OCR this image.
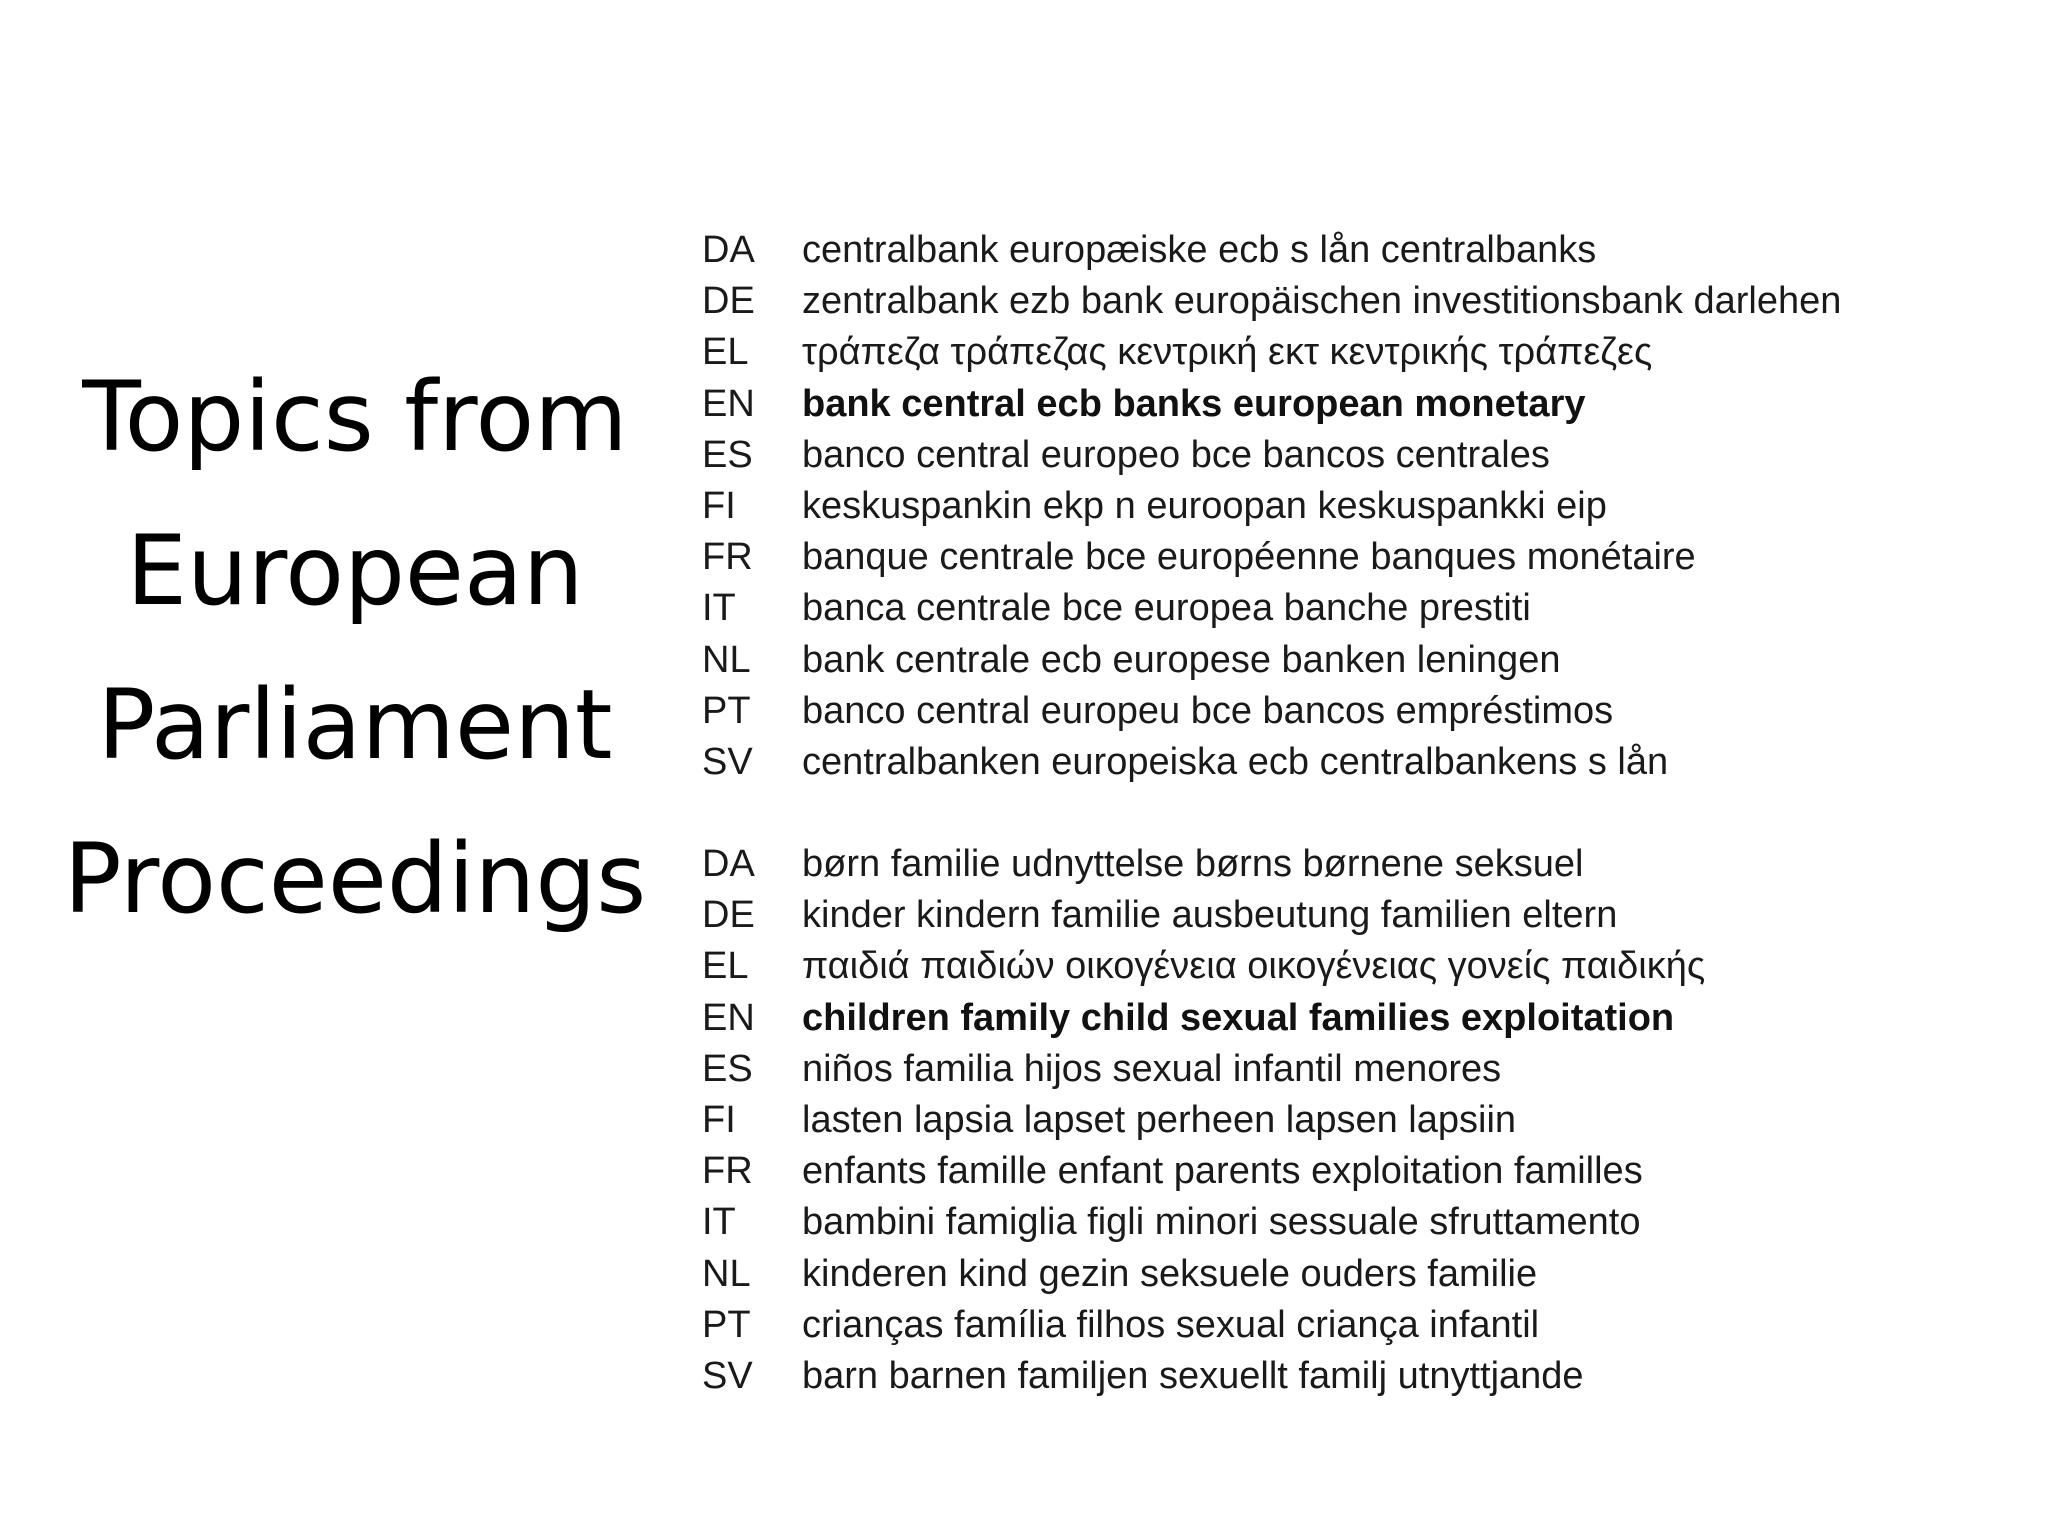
Topics from
European
Parliament
Proceedings
DA	centralbank europæiske ecb s lån centralbanks
DE	zentralbank ezb bank europäischen investitionsbank darlehen
EL	τράπεζα τράπεζας κεντρική εκτ κεντρικής τράπεζες
EN	bank central ecb banks european monetary
ES	banco central europeo bce bancos centrales
FI	keskuspankin ekp n euroopan keskuspankki eip
FR	banque centrale bce européenne banques monétaire
IT	banca centrale bce europea banche prestiti
NL	bank centrale ecb europese banken leningen
PT	banco central europeu bce bancos empréstimos
SV	centralbanken europeiska ecb centralbankens s lån
DA	børn familie udnyttelse børns børnene seksuel
DE	kinder kindern familie ausbeutung familien eltern
EL	παιδιά παιδιών οικογένεια οικογένειας γονείς παιδικής
EN	children family child sexual families exploitation
ES	niños familia hijos sexual infantil menores
FI	lasten lapsia lapset perheen lapsen lapsiin
FR	enfants famille enfant parents exploitation familles
IT	bambini famiglia figli minori sessuale sfruttamento
NL	kinderen kind gezin seksuele ouders familie
PT	crianças família filhos sexual criança infantil
SV	barn barnen familjen sexuellt familj utnyttjande
